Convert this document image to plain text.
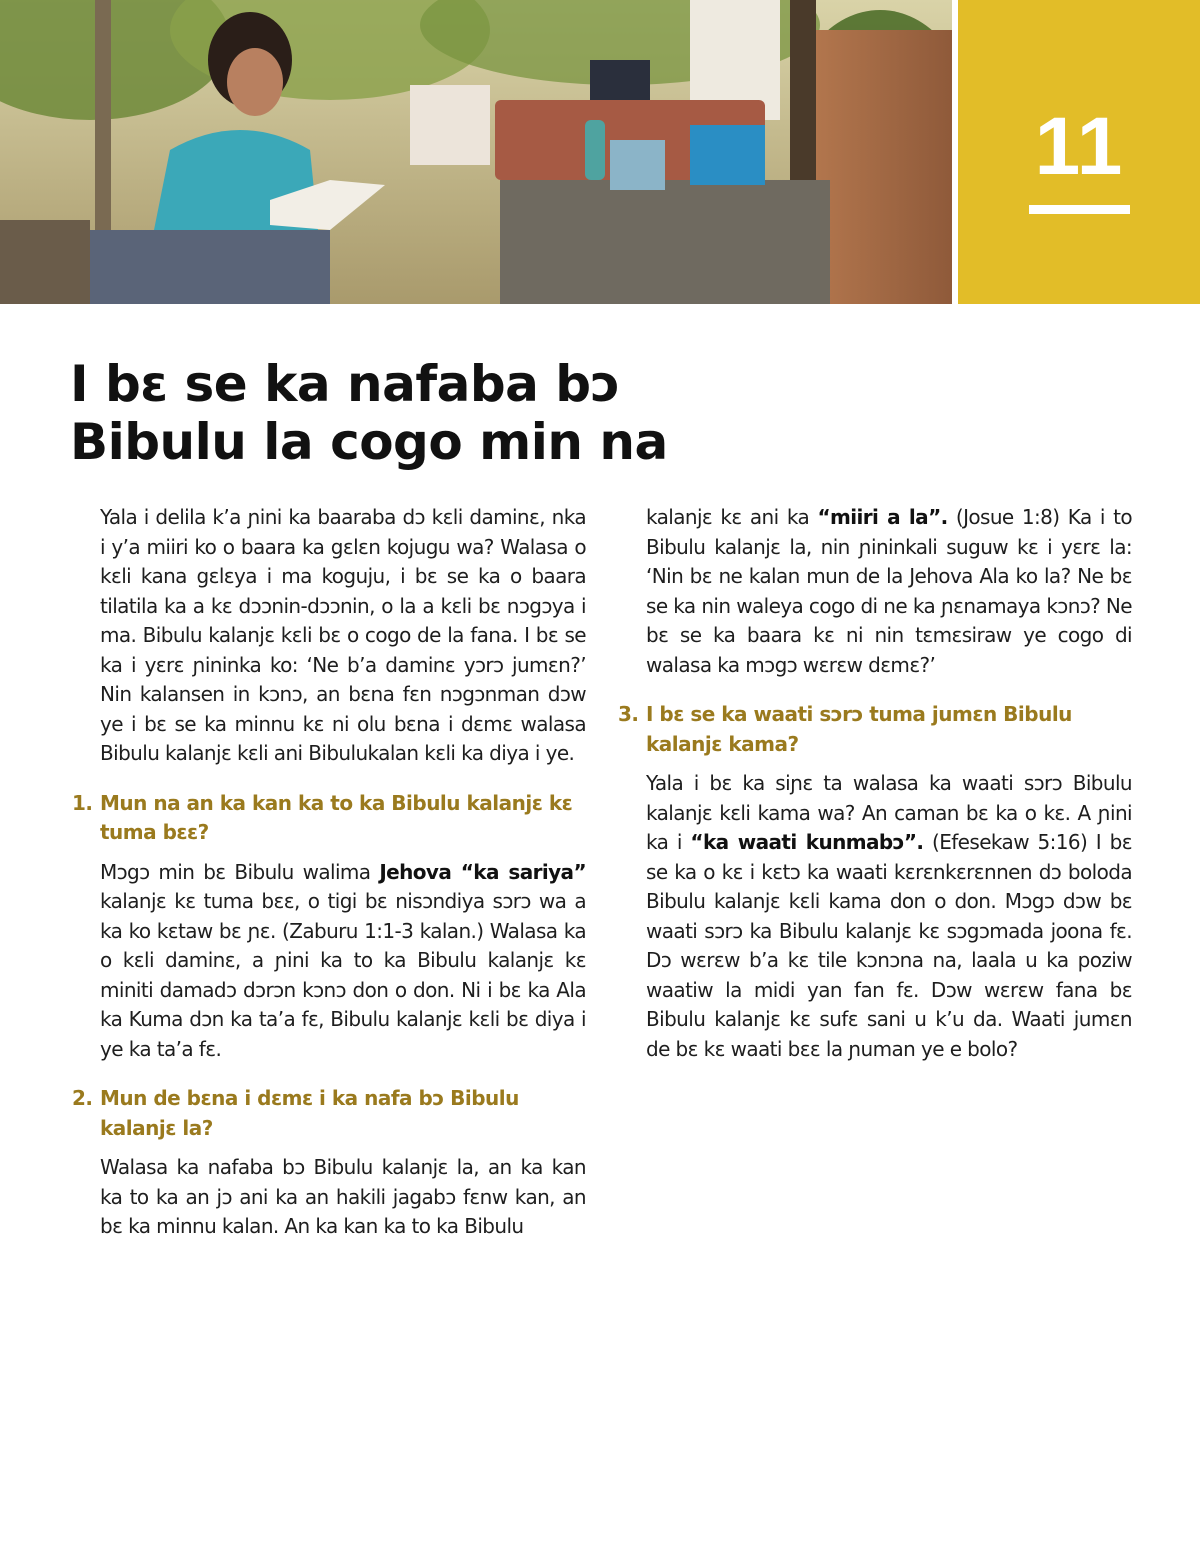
11
I bɛ se ka nafaba bɔ
Bibulu la cogo min na

Yala i delila k’a ɲini ka baaraba dɔ kɛli daminɛ, nka i y’a miiri ko o baara ka gɛlɛn kojugu wa? Walasa o kɛli kana gɛlɛya i ma koguju, i bɛ se ka o baara tilatila ka a kɛ dɔɔnin-dɔɔnin, o la a kɛli bɛ nɔgɔya i ma. Bibulu kalanjɛ kɛli bɛ o cogo de la fana. I bɛ se ka i yɛrɛ ɲininka ko: ‘Ne b’a daminɛ yɔrɔ jumɛn?’ Nin kalansen in kɔnɔ, an bɛna fɛn nɔgɔnman dɔw ye i bɛ se ka minnu kɛ ni olu bɛna i dɛmɛ walasa Bibulu kalanjɛ kɛli ani Bibulukalan kɛli ka diya i ye.

1. Mun na an ka kan ka to ka Bibulu kalanjɛ kɛ tuma bɛɛ?

Mɔgɔ min bɛ Bibulu walima Jehova “ka sariya” kalanjɛ kɛ tuma bɛɛ, o tigi bɛ nisɔndiya sɔrɔ wa a ka ko kɛtaw bɛ ɲɛ. (Zaburu 1:1-3 kalan.) Walasa ka o kɛli daminɛ, a ɲini ka to ka Bibulu kalanjɛ kɛ miniti damadɔ dɔrɔn kɔnɔ don o don. Ni i bɛ ka Ala ka Kuma dɔn ka ta’a fɛ, Bibulu kalanjɛ kɛli bɛ diya i ye ka ta’a fɛ.

2. Mun de bɛna i dɛmɛ i ka nafa bɔ Bibulu kalanjɛ la?

Walasa ka nafaba bɔ Bibulu kalanjɛ la, an ka kan ka to ka an jɔ ani ka an hakili jagabɔ fɛnw kan, an bɛ ka minnu kalan. An ka kan ka to ka Bibulu

kalanjɛ kɛ ani ka “miiri a la”. (Josue 1:8) Ka i to Bibulu kalanjɛ la, nin ɲininkali suguw kɛ i yɛrɛ la: ‘Nin bɛ ne kalan mun de la Jehova Ala ko la? Ne bɛ se ka nin waleya cogo di ne ka ɲɛnamaya kɔnɔ? Ne bɛ se ka baara kɛ ni nin tɛmɛsiraw ye cogo di walasa ka mɔgɔ wɛrɛw dɛmɛ?’

3. I bɛ se ka waati sɔrɔ tuma jumɛn Bibulu kalanjɛ kama?

Yala i bɛ ka siɲɛ ta walasa ka waati sɔrɔ Bibulu kalanjɛ kɛli kama wa? An caman bɛ ka o kɛ. A ɲini ka i “ka waati kunmabɔ”. (Efesekaw 5:16) I bɛ se ka o kɛ i kɛtɔ ka waati kɛrɛnkɛrɛnnen dɔ boloda Bibulu kalanjɛ kɛli kama don o don. Mɔgɔ dɔw bɛ waati sɔrɔ ka Bibulu kalanjɛ kɛ sɔgɔmada joona fɛ. Dɔ wɛrɛw b’a kɛ tile kɔnɔna na, laala u ka poziw waatiw la midi yan fan fɛ. Dɔw wɛrɛw fana bɛ Bibulu kalanjɛ kɛ sufɛ sani u k’u da. Waati jumɛn de bɛ kɛ waati bɛɛ la ɲuman ye e bolo?
